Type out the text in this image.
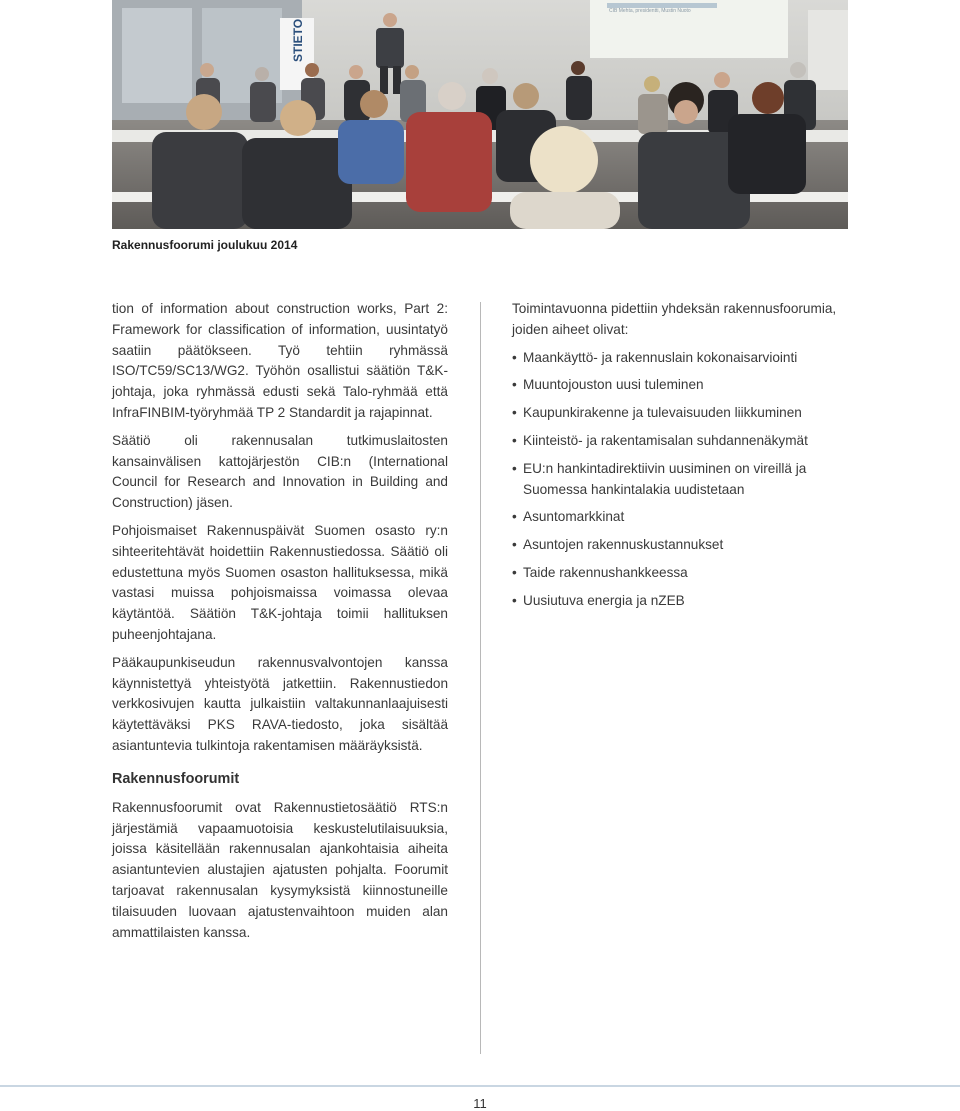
CIB Mehta, presidentti, Mustin Nuoto
STIETO
Rakennusfoorumi joulukuu 2014

tion of information about construction works, Part 2: Framework for classification of information, uusintatyö saatiin päätökseen. Työ tehtiin ryhmässä ISO/TC59/SC13/WG2. Työhön osallistui säätiön T&K-johtaja, joka ryhmässä edusti sekä Talo-ryhmää että InfraFINBIM-työryhmää TP 2 Standardit ja rajapinnat.

Säätiö oli rakennusalan tutkimuslaitosten kansainvälisen kattojärjestön CIB:n (International Council for Research and Innovation in Building and Construction) jäsen.

Pohjoismaiset Rakennuspäivät Suomen osasto ry:n sihteeritehtävät hoidettiin Rakennustiedossa. Säätiö oli edustettuna myös Suomen osaston hallituksessa, mikä vastasi muissa pohjoismaissa voimassa olevaa käytäntöä. Säätiön T&K-johtaja toimii hallituksen puheenjohtajana.

Pääkaupunkiseudun rakennusvalvontojen kanssa käynnistettyä yhteistyötä jatkettiin. Rakennustiedon verkkosivujen kautta julkaistiin valtakunnanlaajuisesti käytettäväksi PKS RAVA-tiedosto, joka sisältää asiantuntevia tulkintoja rakentamisen määräyksistä.

Rakennusfoorumit

Rakennusfoorumit ovat Rakennustietosäätiö RTS:n järjestämiä vapaamuotoisia keskustelutilaisuuksia, joissa käsitellään rakennusalan ajankohtaisia aiheita asiantuntevien alustajien ajatusten pohjalta. Foorumit tarjoavat rakennusalan kysymyksistä kiinnostuneille tilaisuuden luovaan ajatustenvaihtoon muiden alan ammattilaisten kanssa.

Toimintavuonna pidettiin yhdeksän rakennusfoorumia, joiden aiheet olivat:

• Maankäyttö- ja rakennuslain kokonaisarviointi
• Muuntojouston uusi tuleminen
• Kaupunkirakenne ja tulevaisuuden liikkuminen
• Kiinteistö- ja rakentamisalan suhdannenäkymät
• EU:n hankintadirektiivin uusiminen on vireillä ja Suomessa hankintalakia uudistetaan
• Asuntomarkkinat
• Asuntojen rakennuskustannukset
• Taide rakennushankkeessa
• Uusiutuva energia ja nZEB
11
